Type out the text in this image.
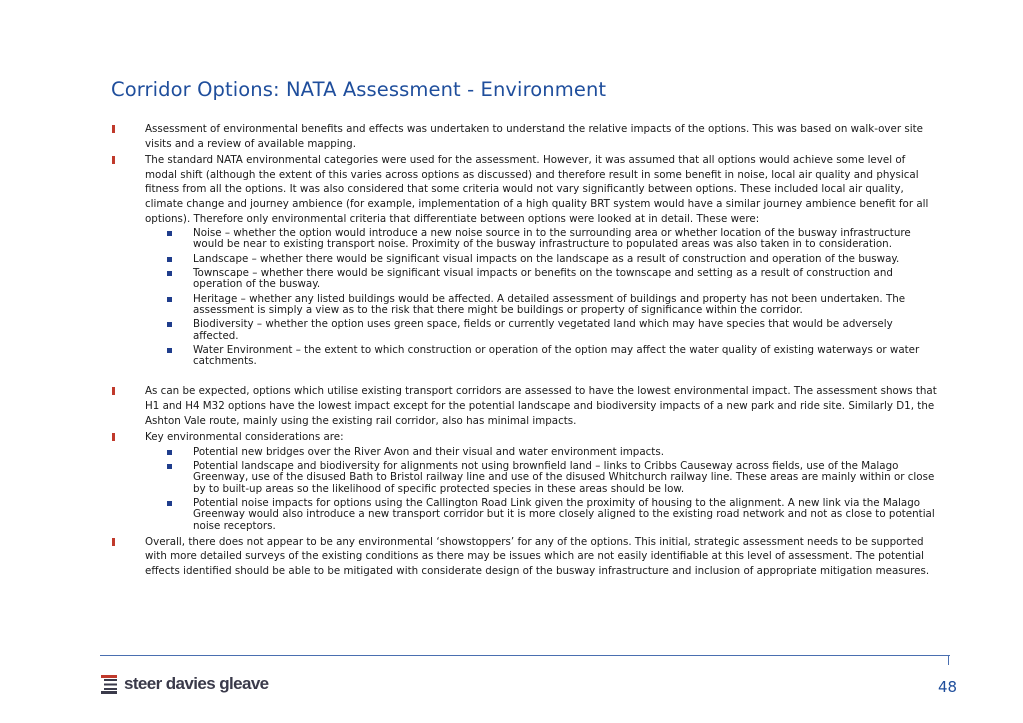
Corridor Options: NATA Assessment - Environment
Assessment of environmental benefits and effects was undertaken to understand the relative impacts of the options. This was based on walk-over site visits and a review of available mapping.
The standard NATA environmental categories were used for the assessment. However, it was assumed that all options would achieve some level of modal shift (although the extent of this varies across options as discussed) and therefore result in some benefit in noise, local air quality and physical fitness from all the options. It was also considered that some criteria would not vary significantly between options. These included local air quality, climate change and journey ambience (for example, implementation of a high quality BRT system would have a similar journey ambience benefit for all options). Therefore only environmental criteria that differentiate between options were looked at in detail. These were:
Noise – whether the option would introduce a new noise source in to the surrounding area or whether location of the busway infrastructure would be near to existing transport noise. Proximity of the busway infrastructure to populated areas was also taken in to consideration.
Landscape – whether there would be significant visual impacts on the landscape as a result of construction and operation of the busway.
Townscape – whether there would be significant visual impacts or benefits on the townscape and setting as a result of construction and operation of the busway.
Heritage – whether any listed buildings would be affected. A detailed assessment of buildings and property has not been undertaken. The assessment is simply a view as to the risk that there might be buildings or property of significance within the corridor.
Biodiversity – whether the option uses green space, fields or currently vegetated land which may have species that would be adversely affected.
Water Environment – the extent to which construction or operation of the option may affect the water quality of existing waterways or water catchments.
As can be expected, options which utilise existing transport corridors are assessed to have the lowest environmental impact. The assessment shows that H1 and H4 M32 options have the lowest impact except for the potential landscape and biodiversity impacts of a new park and ride site. Similarly D1, the Ashton Vale route, mainly using the existing rail corridor, also has minimal impacts.
Key environmental considerations are:
Potential new bridges over the River Avon and their visual and water environment impacts.
Potential landscape and biodiversity for alignments not using brownfield land – links to Cribbs Causeway across fields, use of the Malago Greenway, use of the disused Bath to Bristol railway line and use of the disused Whitchurch railway line. These areas are mainly within or close by to built-up areas so the likelihood of specific protected species in these areas should be low.
Potential noise impacts for options using the Callington Road Link given the proximity of housing to the alignment. A new link via the Malago Greenway would also introduce a new transport corridor but it is more closely aligned to the existing road network and not as close to potential noise receptors.
Overall, there does not appear to be any environmental ‘showstoppers’ for any of the options. This initial, strategic assessment needs to be supported with more detailed surveys of the existing conditions as there may be issues which are not easily identifiable at this level of assessment. The potential effects identified should be able to be mitigated with considerate design of the busway infrastructure and inclusion of appropriate mitigation measures.
steer davies gleave	48
